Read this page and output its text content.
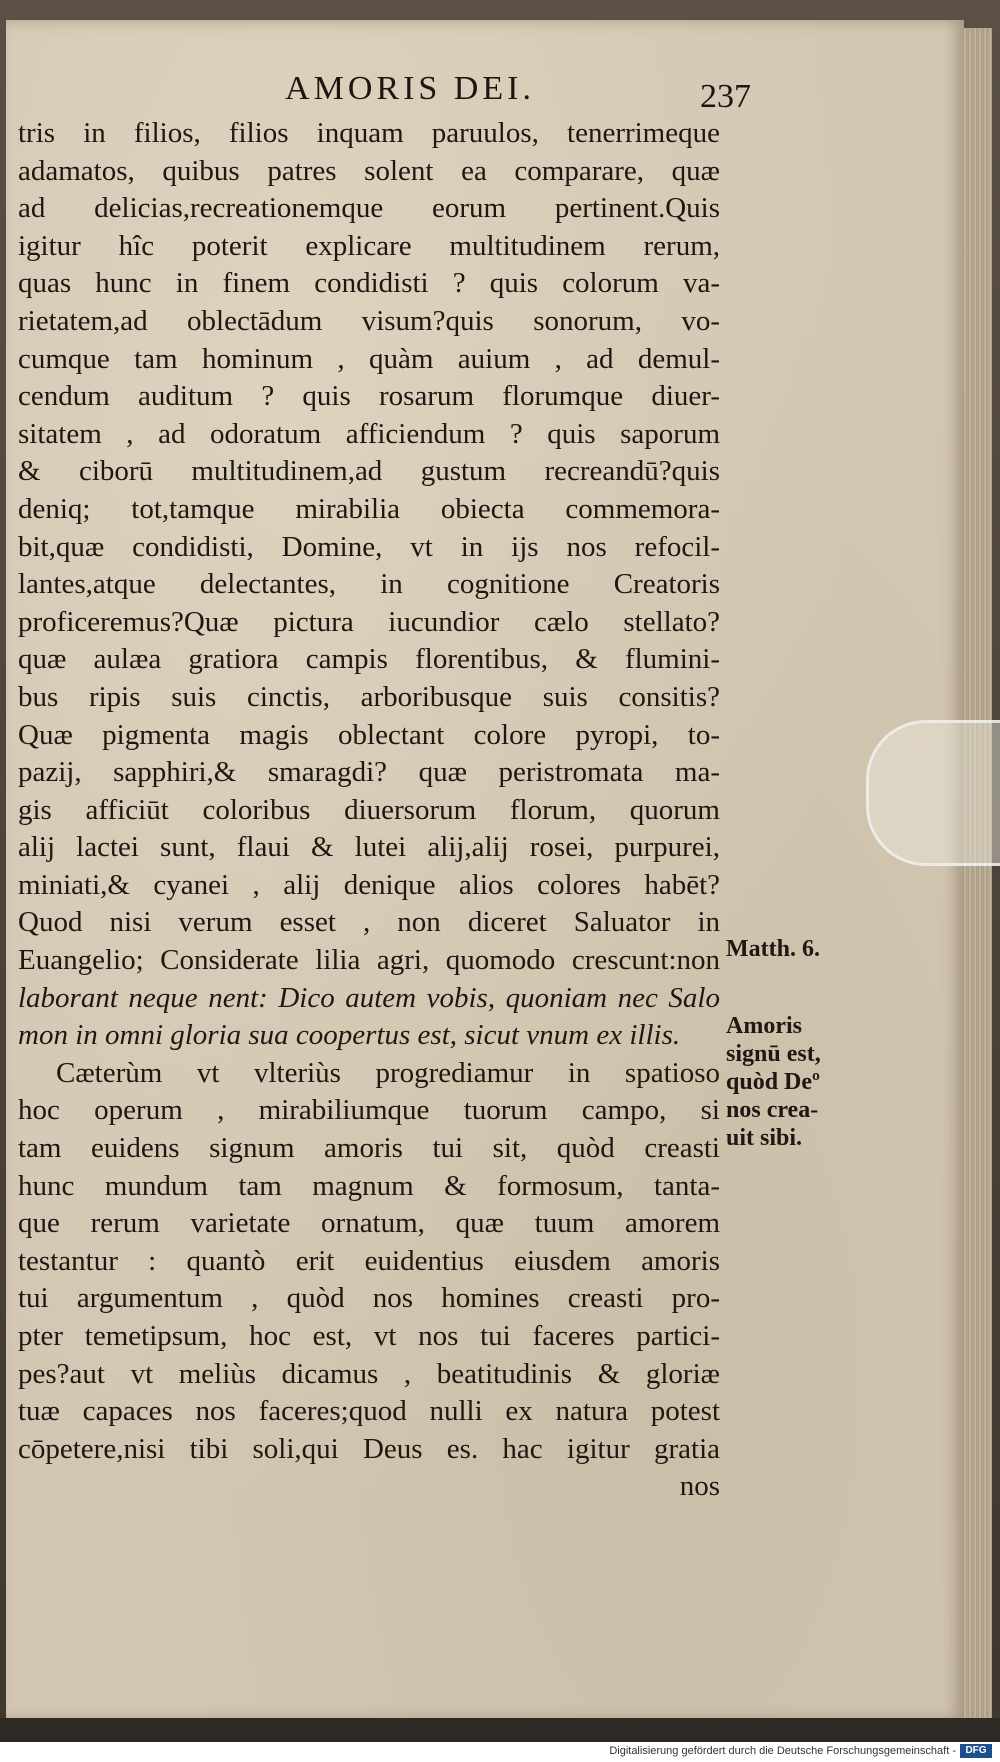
AMORIS DEI.	237
tris in filios, filios inquam paruulos, tenerrimeque
adamatos, quibus patres solent ea comparare, quæ
ad delicias,recreationemque eorum pertinent.Quis
igitur hîc poterit explicare multitudinem rerum,
quas hunc in finem condidisti ? quis colorum va-
rietatem,ad oblectādum visum?quis sonorum, vo-
cumque tam hominum , quàm auium , ad demul-
cendum auditum ? quis rosarum florumque diuer-
sitatem , ad odoratum afficiendum ? quis saporum
& ciborū multitudinem,ad gustum recreandū?quis
deniq; tot,tamque mirabilia obiecta commemora-
bit,quæ condidisti, Domine, vt in ijs nos refocil-
lantes,atque delectantes, in cognitione Creatoris
proficeremus?Quæ pictura iucundior cælo stellato?
quæ aulæa gratiora campis florentibus, & flumini-
bus ripis suis cinctis, arboribusque suis consitis?
Quæ pigmenta magis oblectant colore pyropi, to-
pazij, sapphiri,& smaragdi? quæ peristromata ma-
gis afficiūt coloribus diuersorum florum, quorum
alij lactei sunt, flaui & lutei alij,alij rosei, purpurei,
miniati,& cyanei , alij denique alios colores habēt?
Quod nisi verum esset , non diceret Saluator in
Euangelio; Considerate lilia agri, quomodo crescunt:non
laborant neque nent: Dico autem vobis, quoniam nec Salo
mon in omni gloria sua coopertus est, sicut vnum ex illis.
Cæterùm vt vlteriùs progrediamur in spatioso
hoc operum , mirabiliumque tuorum campo, si
tam euidens signum amoris tui sit, quòd creasti
hunc mundum tam magnum & formosum, tanta-
que rerum varietate ornatum, quæ tuum amorem
testantur : quantò erit euidentius eiusdem amoris
tui argumentum , quòd nos homines creasti pro-
pter temetipsum, hoc est, vt nos tui faceres partici-
pes?aut vt meliùs dicamus , beatitudinis & gloriæ
tuæ capaces nos faceres;quod nulli ex natura potest
cōpetere,nisi tibi soli,qui Deus es. hac igitur gratia
nos
Matth. 6.
Amoris
signū est,
quòd Deº
nos crea-
uit sibi.
Digitalisierung gefördert durch die Deutsche Forschungsgemeinschaft - DFG
